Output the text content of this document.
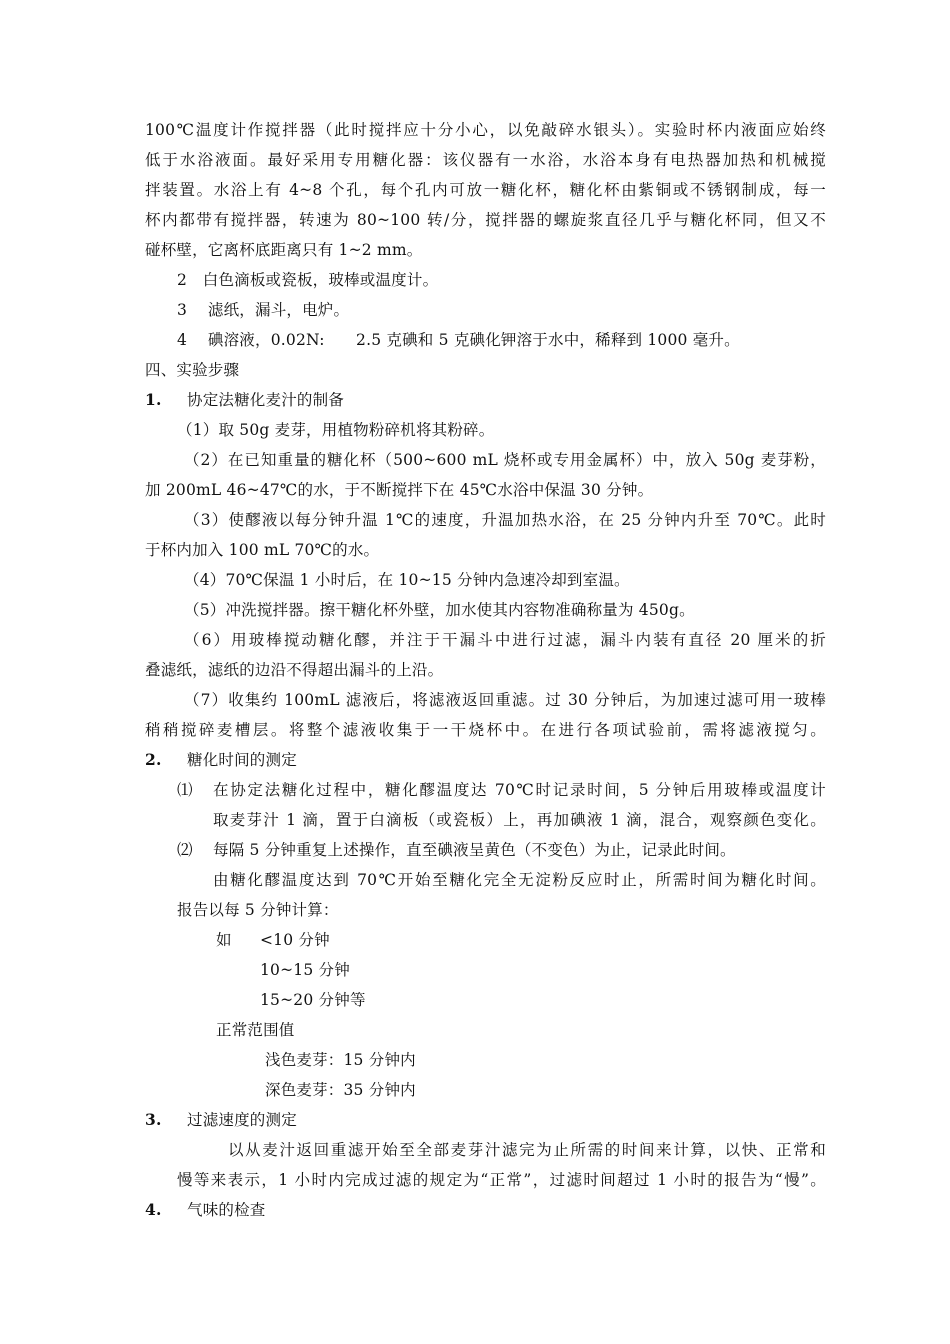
100℃温度计作搅拌器（此时搅拌应十分小心，以免敲碎水银头）。实验时杯内液面应始终
低于水浴液面。最好采用专用糖化器：该仪器有一水浴，水浴本身有电热器加热和机械搅
拌装置。水浴上有 4~8 个孔，每个孔内可放一糖化杯，糖化杯由紫铜或不锈钢制成，每一
杯内都带有搅拌器，转速为 80~100 转/分，搅拌器的螺旋浆直径几乎与糖化杯同，但又不
碰杯壁，它离杯底距离只有 1~2 mm。
2　白色滴板或瓷板，玻棒或温度计。
3　 滤纸，漏斗，电炉。
4　 碘溶液，0.02N:　　2.5 克碘和 5 克碘化钾溶于水中，稀释到 1000 毫升。
四、实验步骤
1. 协定法糖化麦汁的制备
（1）取 50g 麦芽，用植物粉碎机将其粉碎。
（2）在已知重量的糖化杯（500~600 mL 烧杯或专用金属杯）中，放入 50g 麦芽粉，
加 200mL 46~47℃的水，于不断搅拌下在 45℃水浴中保温 30 分钟。
（3）使醪液以每分钟升温 1℃的速度，升温加热水浴，在 25 分钟内升至 70℃。此时
于杯内加入 100 mL 70℃的水。
（4）70℃保温 1 小时后，在 10~15 分钟内急速冷却到室温。
（5）冲洗搅拌器。擦干糖化杯外壁，加水使其内容物准确称量为 450g。
（6）用玻棒搅动糖化醪，并注于干漏斗中进行过滤，漏斗内装有直径 20 厘米的折
叠滤纸，滤纸的边沿不得超出漏斗的上沿。
（7）收集约 100mL 滤液后，将滤液返回重滤。过 30 分钟后，为加速过滤可用一玻棒
稍稍搅碎麦槽层。将整个滤液收集于一干烧杯中。在进行各项试验前，需将滤液搅匀。
2. 糖化时间的测定
⑴ 在协定法糖化过程中，糖化醪温度达 70℃时记录时间，5 分钟后用玻棒或温度计
取麦芽汁 1 滴，置于白滴板（或瓷板）上，再加碘液 1 滴，混合，观察颜色变化。
⑵ 每隔 5 分钟重复上述操作，直至碘液呈黄色（不变色）为止，记录此时间。
由糖化醪温度达到 70℃开始至糖化完全无淀粉反应时止，所需时间为糖化时间。
报告以每 5 分钟计算：
如 <10 分钟
10~15 分钟
15~20 分钟等
正常范围值
浅色麦芽：15 分钟内
深色麦芽：35 分钟内
3. 过滤速度的测定
以从麦汁返回重滤开始至全部麦芽汁滤完为止所需的时间来计算，以快、正常和
慢等来表示，1 小时内完成过滤的规定为“正常”，过滤时间超过 1 小时的报告为“慢”。
4. 气味的检查
